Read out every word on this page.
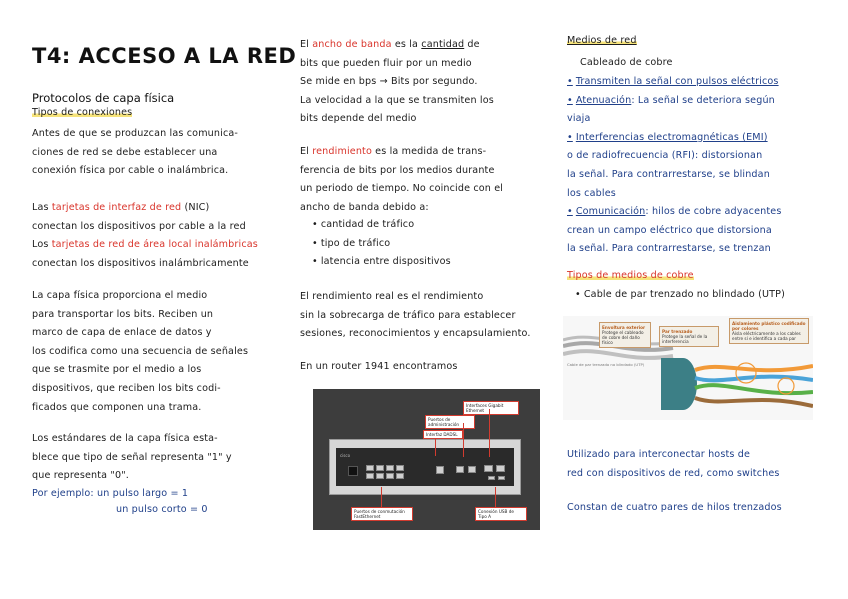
T4: ACCESO A LA RED
Protocolos de capa física
Tipos de conexiones
Antes de que se produzcan las comunica-
ciones de red se debe establecer una
conexión física por cable o inalámbrica.
Las tarjetas de interfaz de red (NIC)
conectan los dispositivos por cable a la red
Los tarjetas de red de área local inalámbricas
conectan los dispositivos inalámbricamente
La capa física proporciona el medio
para transportar los bits. Reciben un
marco de capa de enlace de datos y
los codifica como una secuencia de señales
que se trasmite por el medio a los
dispositivos, que reciben los bits codi-
ficados que componen una trama.
Los estándares de la capa física esta-
blece que tipo de señal representa "1" y
que representa "0".
Por ejemplo: un pulso largo = 1
un pulso corto = 0
El ancho de banda es la cantidad de
bits que pueden fluir por un medio
Se mide en bps → Bits por segundo.
La velocidad a la que se transmiten los
bits depende del medio
El rendimiento es la medida de trans-
ferencia de bits por los medios durante
un periodo de tiempo. No coincide con el
ancho de banda debido a:
• cantidad de tráfico
• tipo de tráfico
• latencia entre dispositivos
El rendimiento real es el rendimiento
sin la sobrecarga de tráfico para establecer
sesiones, reconocimientos y encapsulamiento.
En un router 1941 encontramos
cisco
Interfaces Gigabit Ethernet
Puertos de administración
Interfaz DADSL
Puertos de conmutación FastEthernet
Conexión USB de Tipo A
Medios de red
Cableado de cobre
• Transmiten la señal con pulsos eléctricos
• Atenuación: La señal se deteriora según
viaja
• Interferencias electromagnéticas (EMI)
o de radiofrecuencia (RFI): distorsionan
la señal. Para contrarrestarse, se blindan
los cables
• Comunicación: hilos de cobre adyacentes
crean un campo eléctrico que distorsiona
la señal. Para contrarrestarse, se trenzan
Tipos de medios de cobre
• Cable de par trenzado no blindado (UTP)
Envoltura exterior
Protege el cableado de cobre del daño físico
Par trenzado
Protege la señal de la interferencia
Aislamiento plástico codificado por colores
Aísla eléctricamente a los cables entre sí e identifica a cada par
Cable de par trenzado no blindado (UTP)
Utilizado para interconectar hosts de
red con dispositivos de red, como switches
Constan de cuatro pares de hilos trenzados
